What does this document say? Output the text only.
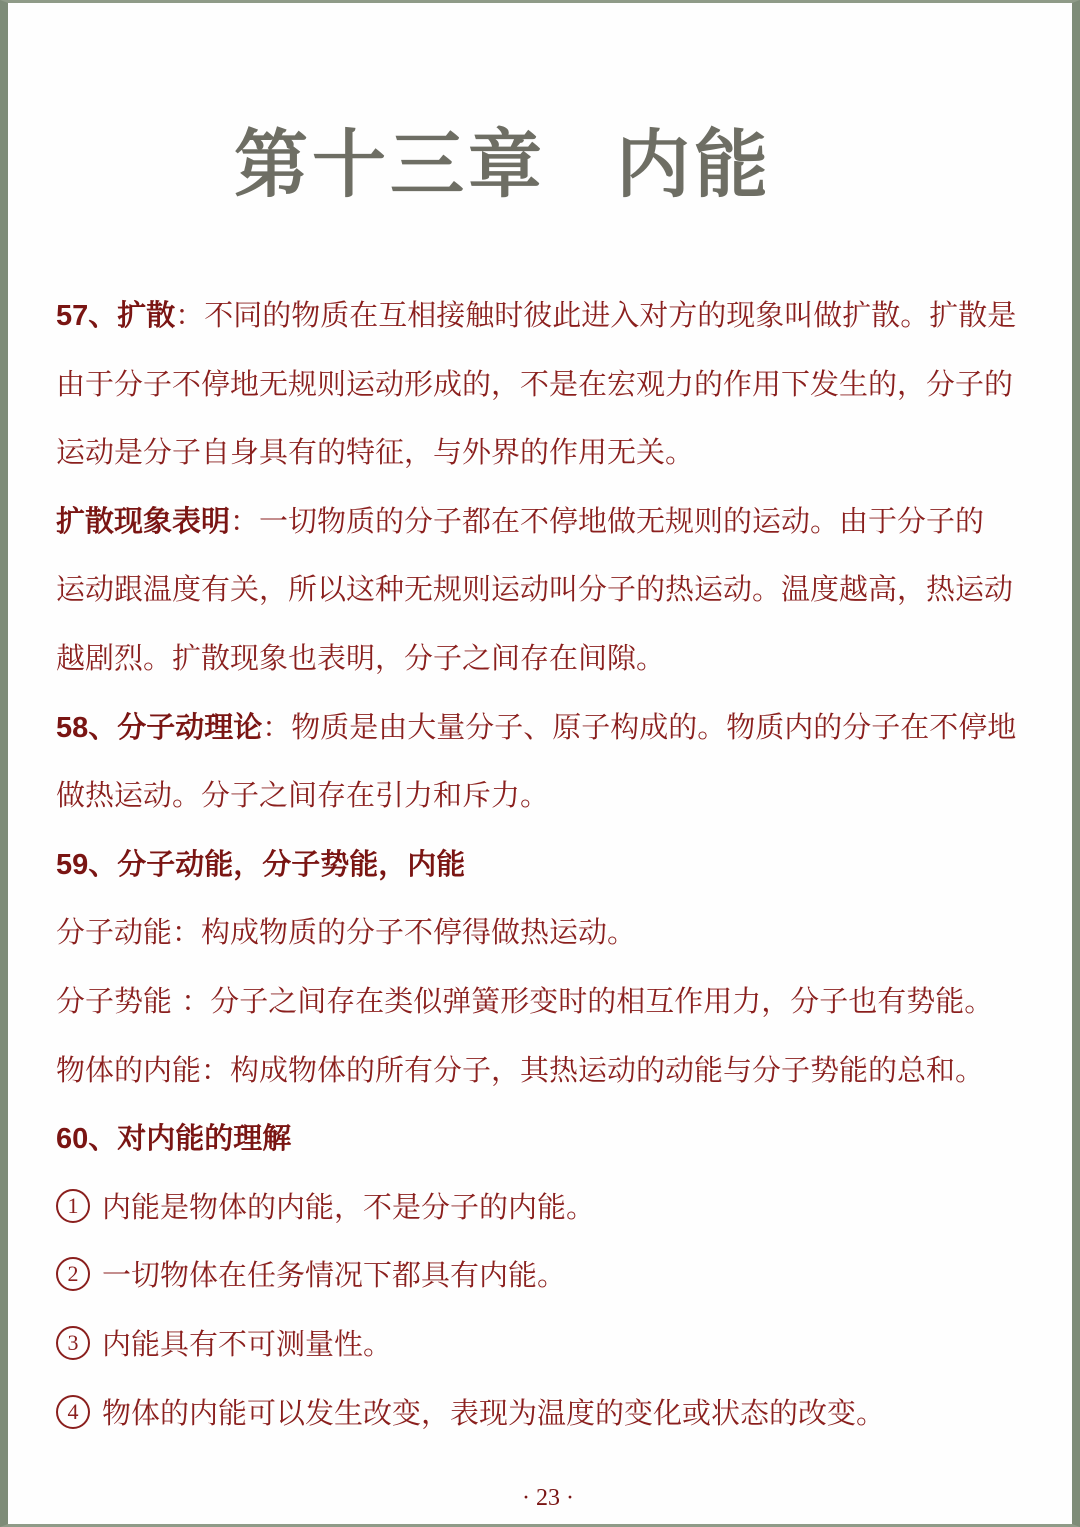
第十三章 内能
57、扩散：不同的物质在互相接触时彼此进入对方的现象叫做扩散。扩散是
由于分子不停地无规则运动形成的，不是在宏观力的作用下发生的，分子的
运动是分子自身具有的特征，与外界的作用无关。
扩散现象表明：一切物质的分子都在不停地做无规则的运动。由于分子的
运动跟温度有关，所以这种无规则运动叫分子的热运动。温度越高，热运动
越剧烈。扩散现象也表明，分子之间存在间隙。
58、分子动理论：物质是由大量分子、原子构成的。物质内的分子在不停地
做热运动。分子之间存在引力和斥力。
59、分子动能，分子势能，内能
分子动能：构成物质的分子不停得做热运动。
分子势能 ：分子之间存在类似弹簧形变时的相互作用力，分子也有势能。
物体的内能：构成物体的所有分子，其热运动的动能与分子势能的总和。
60、对内能的理解
1 内能是物体的内能，不是分子的内能。
2 一切物体在任务情况下都具有内能。
3 内能具有不可测量性。
4 物体的内能可以发生改变，表现为温度的变化或状态的改变。
· 23 ·
